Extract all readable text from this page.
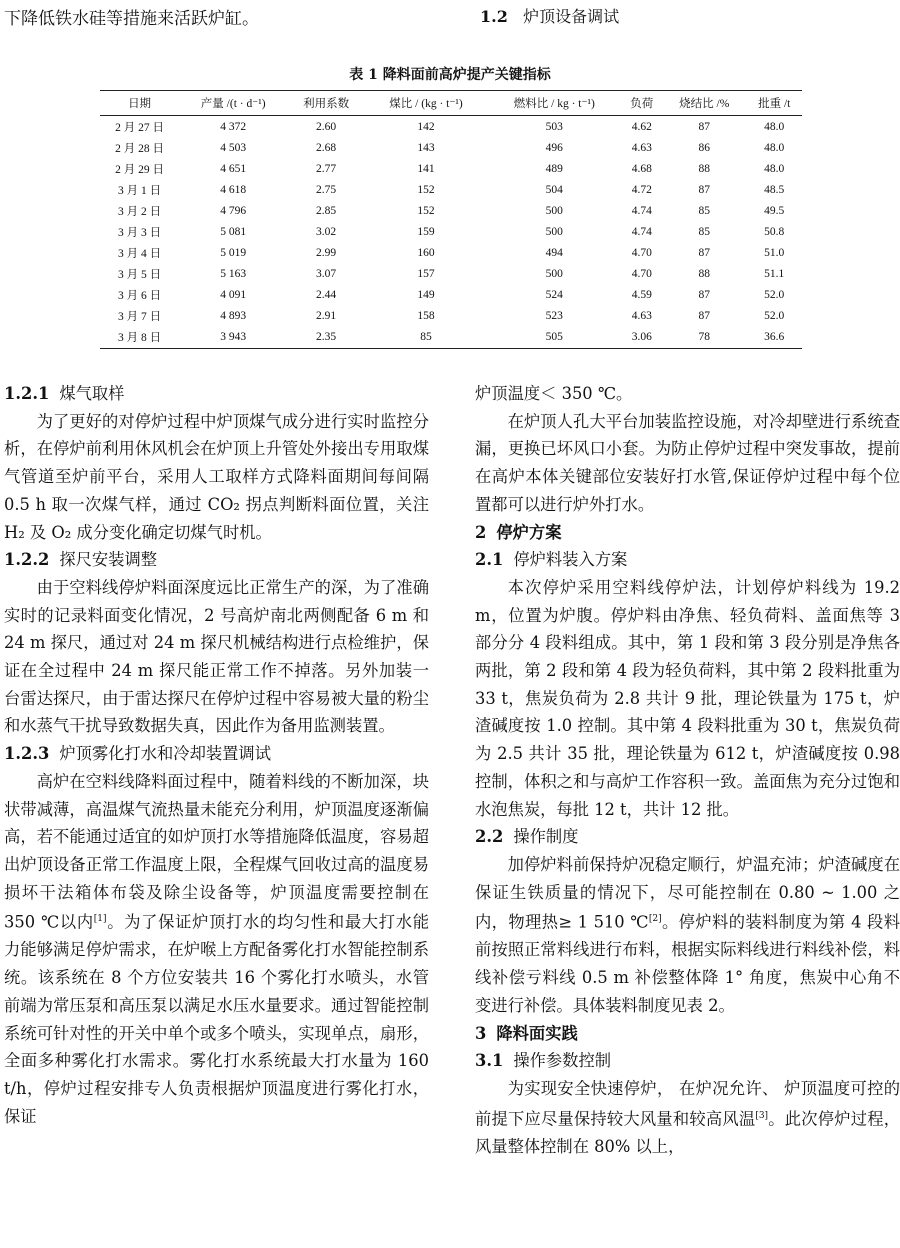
下降低铁水硅等措施来活跃炉缸。	1.2 炉顶设备调试
表 1 降料面前高炉提产关键指标
日期	产量 /(t · d⁻¹)	利用系数	煤比 / (kg · t⁻¹)	燃料比 / kg · t⁻¹)	负荷	烧结比 /%	批重 /t
2 月 27 日	4 372	2.60	142	503	4.62	87	48.0
2 月 28 日	4 503	2.68	143	496	4.63	86	48.0
2 月 29 日	4 651	2.77	141	489	4.68	88	48.0
3 月 1 日	4 618	2.75	152	504	4.72	87	48.5
3 月 2 日	4 796	2.85	152	500	4.74	85	49.5
3 月 3 日	5 081	3.02	159	500	4.74	85	50.8
3 月 4 日	5 019	2.99	160	494	4.70	87	51.0
3 月 5 日	5 163	3.07	157	500	4.70	88	51.1
3 月 6 日	4 091	2.44	149	524	4.59	87	52.0
3 月 7 日	4 893	2.91	158	523	4.63	87	52.0
3 月 8 日	3 943	2.35	85	505	3.06	78	36.6
1.2.1 煤气取样

为了更好的对停炉过程中炉顶煤气成分进行实时监控分析，在停炉前利用休风机会在炉顶上升管处外接出专用取煤气管道至炉前平台，采用人工取样方式降料面期间每间隔 0.5 h 取一次煤气样，通过 CO₂ 拐点判断料面位置，关注 H₂ 及 O₂ 成分变化确定切煤气时机。

1.2.2 探尺安装调整

由于空料线停炉料面深度远比正常生产的深，为了准确实时的记录料面变化情况，2 号高炉南北两侧配备 6 m 和 24 m 探尺，通过对 24 m 探尺机械结构进行点检维护，保证在全过程中 24 m 探尺能正常工作不掉落。另外加装一台雷达探尺，由于雷达探尺在停炉过程中容易被大量的粉尘和水蒸气干扰导致数据失真，因此作为备用监测装置。

1.2.3 炉顶雾化打水和冷却装置调试

高炉在空料线降料面过程中，随着料线的不断加深，块状带减薄，高温煤气流热量未能充分利用，炉顶温度逐渐偏高，若不能通过适宜的如炉顶打水等措施降低温度，容易超出炉顶设备正常工作温度上限，全程煤气回收过高的温度易损坏干法箱体布袋及除尘设备等，炉顶温度需要控制在 350 ℃以内[1]。为了保证炉顶打水的均匀性和最大打水能力能够满足停炉需求，在炉喉上方配备雾化打水智能控制系统。该系统在 8 个方位安装共 16 个雾化打水喷头，水管前端为常压泵和高压泵以满足水压水量要求。通过智能控制系统可针对性的开关中单个或多个喷头，实现单点，扇形，全面多种雾化打水需求。雾化打水系统最大打水量为 160 t/h，停炉过程安排专人负责根据炉顶温度进行雾化打水，保证

炉顶温度＜ 350 ℃。

在炉顶人孔大平台加装监控设施，对冷却壁进行系统查漏，更换已坏风口小套。为防止停炉过程中突发事故，提前在高炉本体关键部位安装好打水管,保证停炉过程中每个位置都可以进行炉外打水。

2 停炉方案
2.1 停炉料装入方案

本次停炉采用空料线停炉法，计划停炉料线为 19.2 m，位置为炉腹。停炉料由净焦、轻负荷料、盖面焦等 3 部分分 4 段料组成。其中，第 1 段和第 3 段分别是净焦各两批，第 2 段和第 4 段为轻负荷料，其中第 2 段料批重为 33 t，焦炭负荷为 2.8 共计 9 批，理论铁量为 175 t，炉渣碱度按 1.0 控制。其中第 4 段料批重为 30 t，焦炭负荷为 2.5 共计 35 批，理论铁量为 612 t，炉渣碱度按 0.98 控制，体积之和与高炉工作容积一致。盖面焦为充分过饱和水泡焦炭，每批 12 t，共计 12 批。

2.2 操作制度

加停炉料前保持炉况稳定顺行，炉温充沛；炉渣碱度在保证生铁质量的情况下，尽可能控制在 0.80 ~ 1.00 之内，物理热≥ 1 510 ℃[2]。停炉料的装料制度为第 4 段料前按照正常料线进行布料，根据实际料线进行料线补偿，料线补偿亏料线 0.5 m 补偿整体降 1° 角度，焦炭中心角不变进行补偿。具体装料制度见表 2。

3 降料面实践
3.1 操作参数控制

为实现安全快速停炉， 在炉况允许、 炉顶温度可控的前提下应尽量保持较大风量和较高风温[3]。此次停炉过程，风量整体控制在 80% 以上，
